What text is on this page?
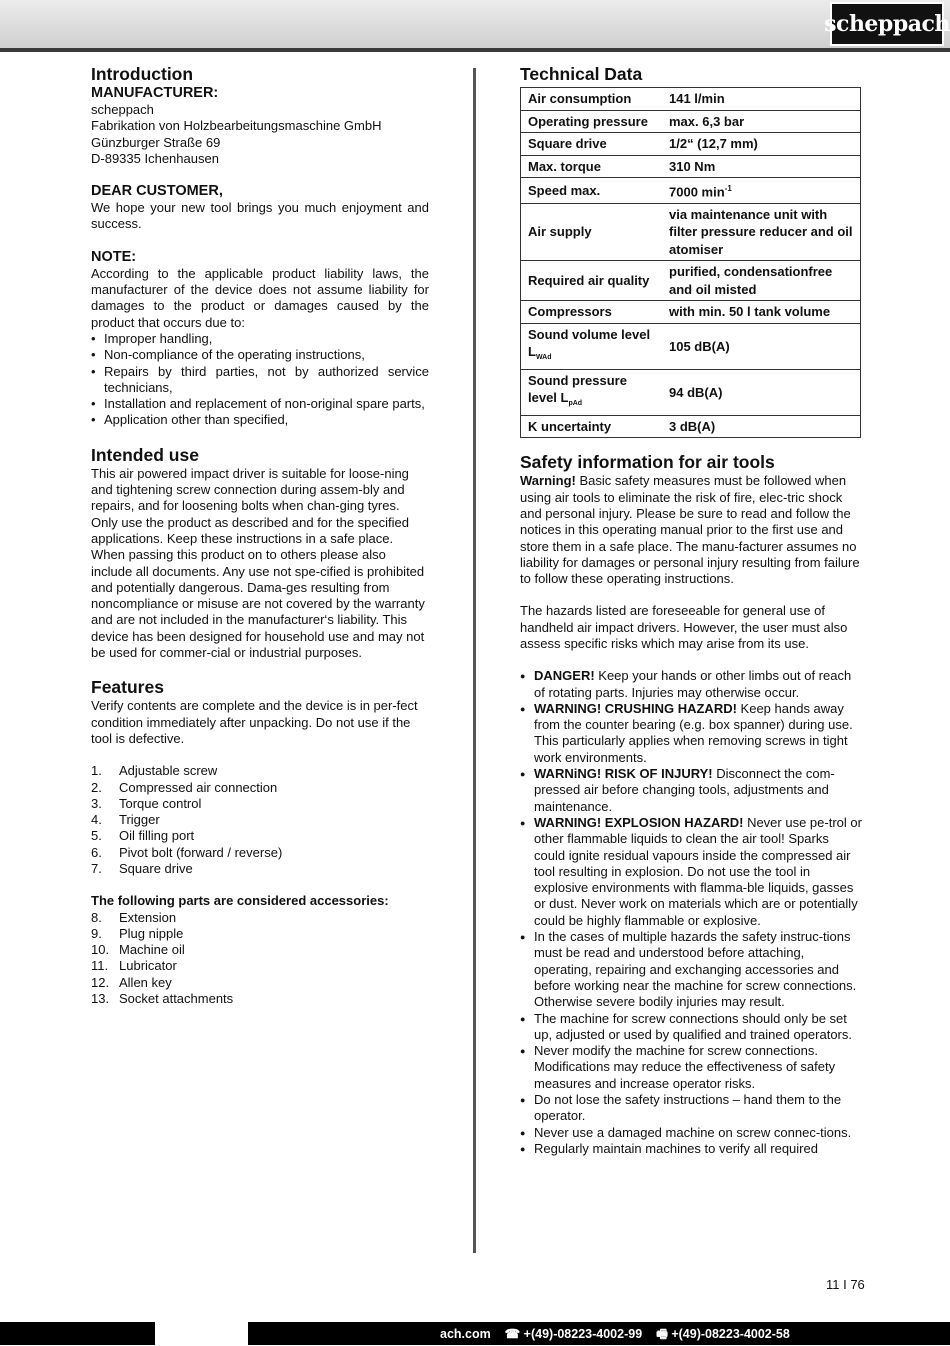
scheppach
Introduction
MANUFACTURER:
scheppach
Fabrikation von Holzbearbeitungsmaschine GmbH
Günzburger Straße 69
D-89335 Ichenhausen
DEAR CUSTOMER,

We hope your new tool brings you much enjoyment and success.

NOTE:

According to the applicable product liability laws, the manufacturer of the device does not assume liability for damages to the product or damages caused by the product that occurs due to:

• Improper handling,
• Non-compliance of the operating instructions,
• Repairs by third parties, not by authorized service technicians,
• Installation and replacement of non-original spare parts,
• Application other than specified,
Intended use

This air powered impact driver is suitable for loose-ning and tightening screw connection during assem-bly and repairs, and for loosening bolts when chan-ging tyres. Only use the product as described and for the specified applications. Keep these instructions in a safe place. When passing this product on to others please also include all documents. Any use not spe-cified is prohibited and potentially dangerous. Dama-ges resulting from noncompliance or misuse are not covered by the warranty and are not included in the manufacturer‘s liability. This device has been designed for household use and may not be used for commer-cial or industrial purposes.

Features

Verify contents are complete and the device is in per-fect condition immediately after unpacking. Do not use if the tool is defective.

1.	Adjustable screw
2.	Compressed air connection
3.	Torque control
4.	Trigger
5.	Oil filling port
6.	Pivot bolt (forward / reverse)
7.	Square drive

The following parts are considered accessories:

8.	Extension
9.	Plug nipple
10. Machine oil
11. Lubricator
12. Allen key
13. Socket attachments
Technical Data
Air consumption	141 l/min
Operating pressure	max. 6,3 bar
Square drive	1/2“ (12,7 mm)
Max. torque	310 Nm
Speed max.	7000 $\min^{-1}$
Air supply	via maintenance unit with filter pressure reducer and oil atomiser
Required air quality	purified, condensationfree and oil misted
Compressors	with min. 50 l tank volume
Sound volume level $L_{WAd}$	105 dB(A)
Sound pressure level $L_{pAd}$	94 dB(A)
K uncertainty	3 dB(A)
Safety information for air tools

Warning! Basic safety measures must be followed when using air tools to eliminate the risk of fire, elec-tric shock and personal injury. Please be sure to read and follow the notices in this operating manual prior to the first use and store them in a safe place. The manu-facturer assumes no liability for damages or personal injury resulting from failure to follow these operating instructions.

The hazards listed are foreseeable for general use of handheld air impact drivers. However, the user must also assess specific risks which may arise from its use.

● DANGER! Keep your hands or other limbs out of reach of rotating parts. Injuries may otherwise occur.
● WARNING! CRUSHING HAZARD! Keep hands away from the counter bearing (e.g. box spanner) during use. This particularly applies when removing screws in tight work environments.
● WARNiNG! RISK OF INJURY! Disconnect the com-pressed air before changing tools, adjustments and maintenance.
● WARNING! EXPLOSION HAZARD! Never use pe-trol or other flammable liquids to clean the air tool! Sparks could ignite residual vapours inside the compressed air tool resulting in explosion. Do not use the tool in explosive environments with flamma-ble liquids, gasses or dust. Never work on materials which are or potentially could be highly flammable or explosive.
● In the cases of multiple hazards the safety instruc-tions must be read and understood before attaching, operating, repairing and exchanging accessories and before working near the machine for screw connections. Otherwise severe bodily injuries may result.
● The machine for screw connections should only be set up, adjusted or used by qualified and trained operators.
● Never modify the machine for screw connections. Modifications may reduce the effectiveness of safety measures and increase operator risks.
● Do not lose the safety instructions – hand them to the operator.
● Never use a damaged machine on screw connec-tions.
● Regularly maintain machines to verify all required
11 I 76
ach.com ☎ +(49)-08223-4002-99 🖷 +(49)-08223-4002-58
